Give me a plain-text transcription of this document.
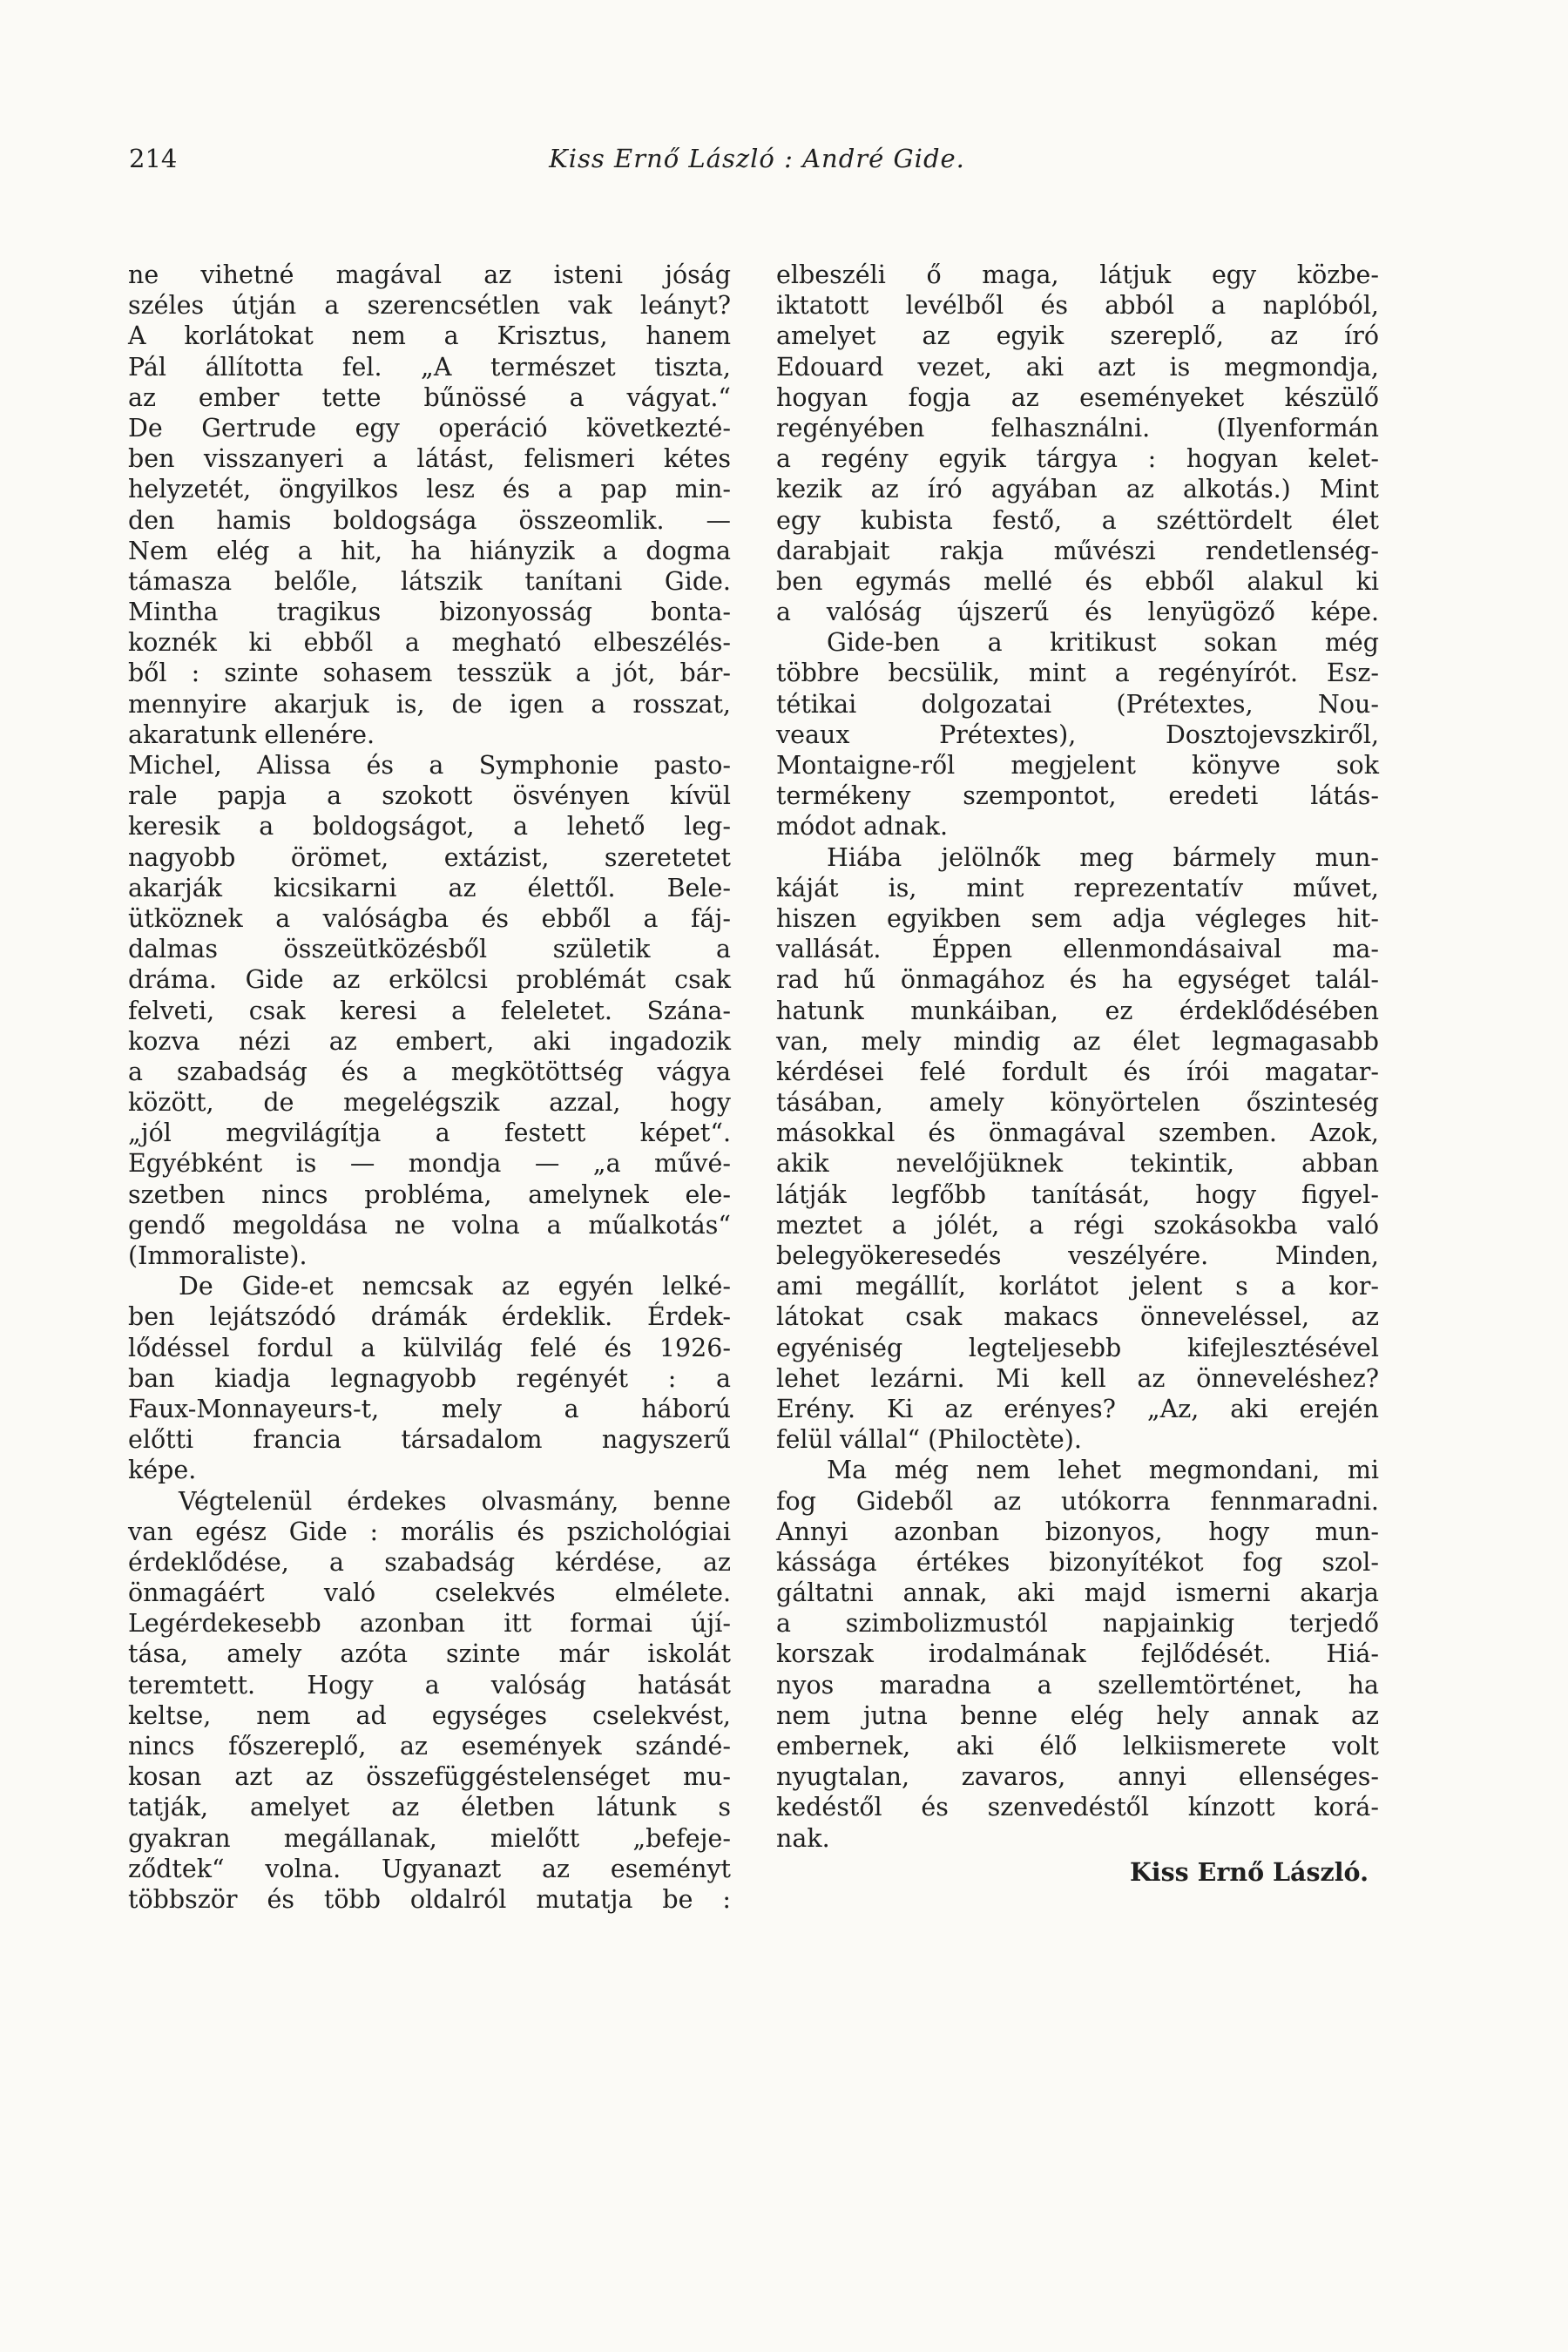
214	Kiss Ernő László : André Gide.
ne vihetné magával az isteni jóság
széles útján a szerencsétlen vak leányt?
A korlátokat nem a Krisztus, hanem
Pál állította fel. „A természet tiszta,
az ember tette bűnössé a vágyat.“
De Gertrude egy operáció következté-
ben visszanyeri a látást, felismeri kétes
helyzetét, öngyilkos lesz és a pap min-
den hamis boldogsága összeomlik. —
Nem elég a hit, ha hiányzik a dogma
támasza belőle, látszik tanítani Gide.
Mintha tragikus bizonyosság bonta-
koznék ki ebből a megható elbeszélés-
ből : szinte sohasem tesszük a jót, bár-
mennyire akarjuk is, de igen a rosszat,
akaratunk ellenére.
Michel, Alissa és a Symphonie pasto-
rale papja a szokott ösvényen kívül
keresik a boldogságot, a lehető leg-
nagyobb örömet, extázist, szeretetet
akarják kicsikarni az élettől. Bele-
ütköznek a valóságba és ebből a fáj-
dalmas összeütközésből születik a
dráma. Gide az erkölcsi problémát csak
felveti, csak keresi a feleletet. Szána-
kozva nézi az embert, aki ingadozik
a szabadság és a megkötöttség vágya
között, de megelégszik azzal, hogy
„jól megvilágítja a festett képet“.
Egyébként is — mondja — „a művé-
szetben nincs probléma, amelynek ele-
gendő megoldása ne volna a műalkotás“
(Immoraliste).
De Gide-et nemcsak az egyén lelké-
ben lejátszódó drámák érdeklik. Érdek-
lődéssel fordul a külvilág felé és 1926-
ban kiadja legnagyobb regényét : a
Faux-Monnayeurs-t, mely a háború
előtti francia társadalom nagyszerű
képe.
Végtelenül érdekes olvasmány, benne
van egész Gide : morális és pszichológiai
érdeklődése, a szabadság kérdése, az
önmagáért való cselekvés elmélete.
Legérdekesebb azonban itt formai újí-
tása, amely azóta szinte már iskolát
teremtett. Hogy a valóság hatását
keltse, nem ad egységes cselekvést,
nincs főszereplő, az események szándé-
kosan azt az összefüggéstelenséget mu-
tatják, amelyet az életben látunk s
gyakran megállanak, mielőtt „befeje-
ződtek“ volna. Ugyanazt az eseményt
többször és több oldalról mutatja be :
elbeszéli ő maga, látjuk egy közbe-
iktatott levélből és abból a naplóból,
amelyet az egyik szereplő, az író
Edouard vezet, aki azt is megmondja,
hogyan fogja az eseményeket készülő
regényében felhasználni. (Ilyenformán
a regény egyik tárgya : hogyan kelet-
kezik az író agyában az alkotás.) Mint
egy kubista festő, a széttördelt élet
darabjait rakja művészi rendetlenség-
ben egymás mellé és ebből alakul ki
a valóság újszerű és lenyügöző képe.
Gide-ben a kritikust sokan még
többre becsülik, mint a regényírót. Esz-
tétikai dolgozatai (Prétextes, Nou-
veaux Prétextes), Dosztojevszkiről,
Montaigne-ről megjelent könyve sok
termékeny szempontot, eredeti látás-
módot adnak.
Hiába jelölnők meg bármely mun-
káját is, mint reprezentatív művet,
hiszen egyikben sem adja végleges hit-
vallását. Éppen ellenmondásaival ma-
rad hű önmagához és ha egységet talál-
hatunk munkáiban, ez érdeklődésében
van, mely mindig az élet legmagasabb
kérdései felé fordult és írói magatar-
tásában, amely könyörtelen őszinteség
másokkal és önmagával szemben. Azok,
akik nevelőjüknek tekintik, abban
látják legfőbb tanítását, hogy figyel-
meztet a jólét, a régi szokásokba való
belegyökeresedés veszélyére. Minden,
ami megállít, korlátot jelent s a kor-
látokat csak makacs önneveléssel, az
egyéniség legteljesebb kifejlesztésével
lehet lezárni. Mi kell az önneveléshez?
Erény. Ki az erényes? „Az, aki erején
felül vállal“ (Philoctète).
Ma még nem lehet megmondani, mi
fog Gideből az utókorra fennmaradni.
Annyi azonban bizonyos, hogy mun-
kássága értékes bizonyítékot fog szol-
gáltatni annak, aki majd ismerni akarja
a szimbolizmustól napjainkig terjedő
korszak irodalmának fejlődését. Hiá-
nyos maradna a szellemtörténet, ha
nem jutna benne elég hely annak az
embernek, aki élő lelkiismerete volt
nyugtalan, zavaros, annyi ellenséges-
kedéstől és szenvedéstől kínzott korá-
nak.
Kiss Ernő László.
